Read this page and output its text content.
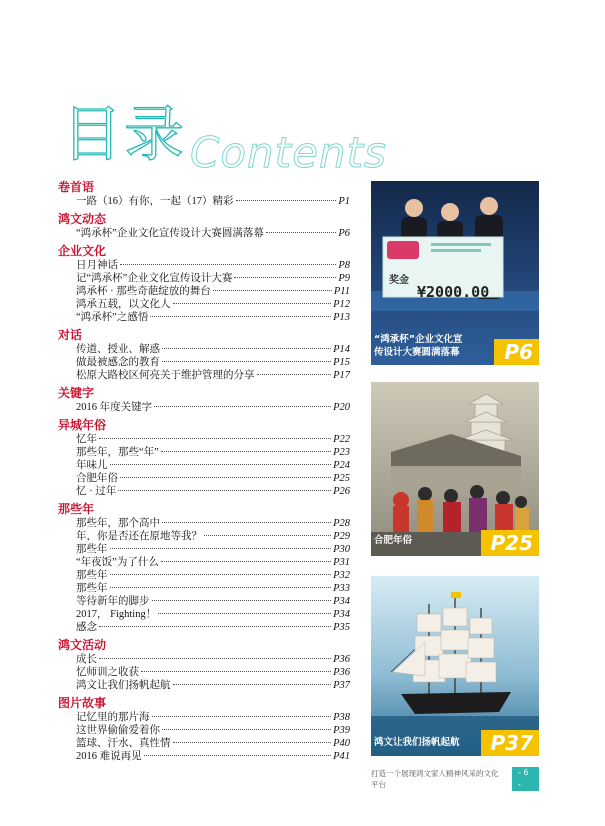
目录 Contents
卷首语
一路（16）有你，一起（17）精彩	P1
鸿文动态
“鸿承杯”企业文化宣传设计大赛圆满落幕	P6
企业文化
日月神话	P8
记“鸿承杯”企业文化宣传设计大赛	P9
鸿承杯 · 那些奇葩绽放的舞台	P11
鸿承五载，以文化人	P12
“鸿承杯”之感悟	P13
对话
传道、授业、解惑	P14
做最被感念的教育	P15
松原大路校区何亮关于维护管理的分享	P17
关键字
2016 年度关键字	P20
异城年俗
忆年	P22
那些年，那些“年”	P23
年味儿	P24
合肥年俗	P25
忆 · 过年	P26
那些年
那些年，那个高中	P28
年，你是否还在原地等我？	P29
那些年	P30
“年夜饭”为了什么	P31
那些年	P32
那些年	P33
等待新年的脚步	P34
2017， Fighting！	P34
感念	P35
鸿文活动
成长	P36
忆师训之收获	P36
鸿文让我们扬帆起航	P37
图片故事
记忆里的那片海	P38
这世界偷偷爱着你	P39
篮球、汗水、真性情	P40
2016 难说再见	P41
奖金
¥2000.00
“鸿承杯”企业文化宣
传设计大赛圆满落幕	P6
合肥年俗	P25
鸿文让我们扬帆起航	P37
打造一个展现鸿文家人精神风采的文化平台
- 6 -
